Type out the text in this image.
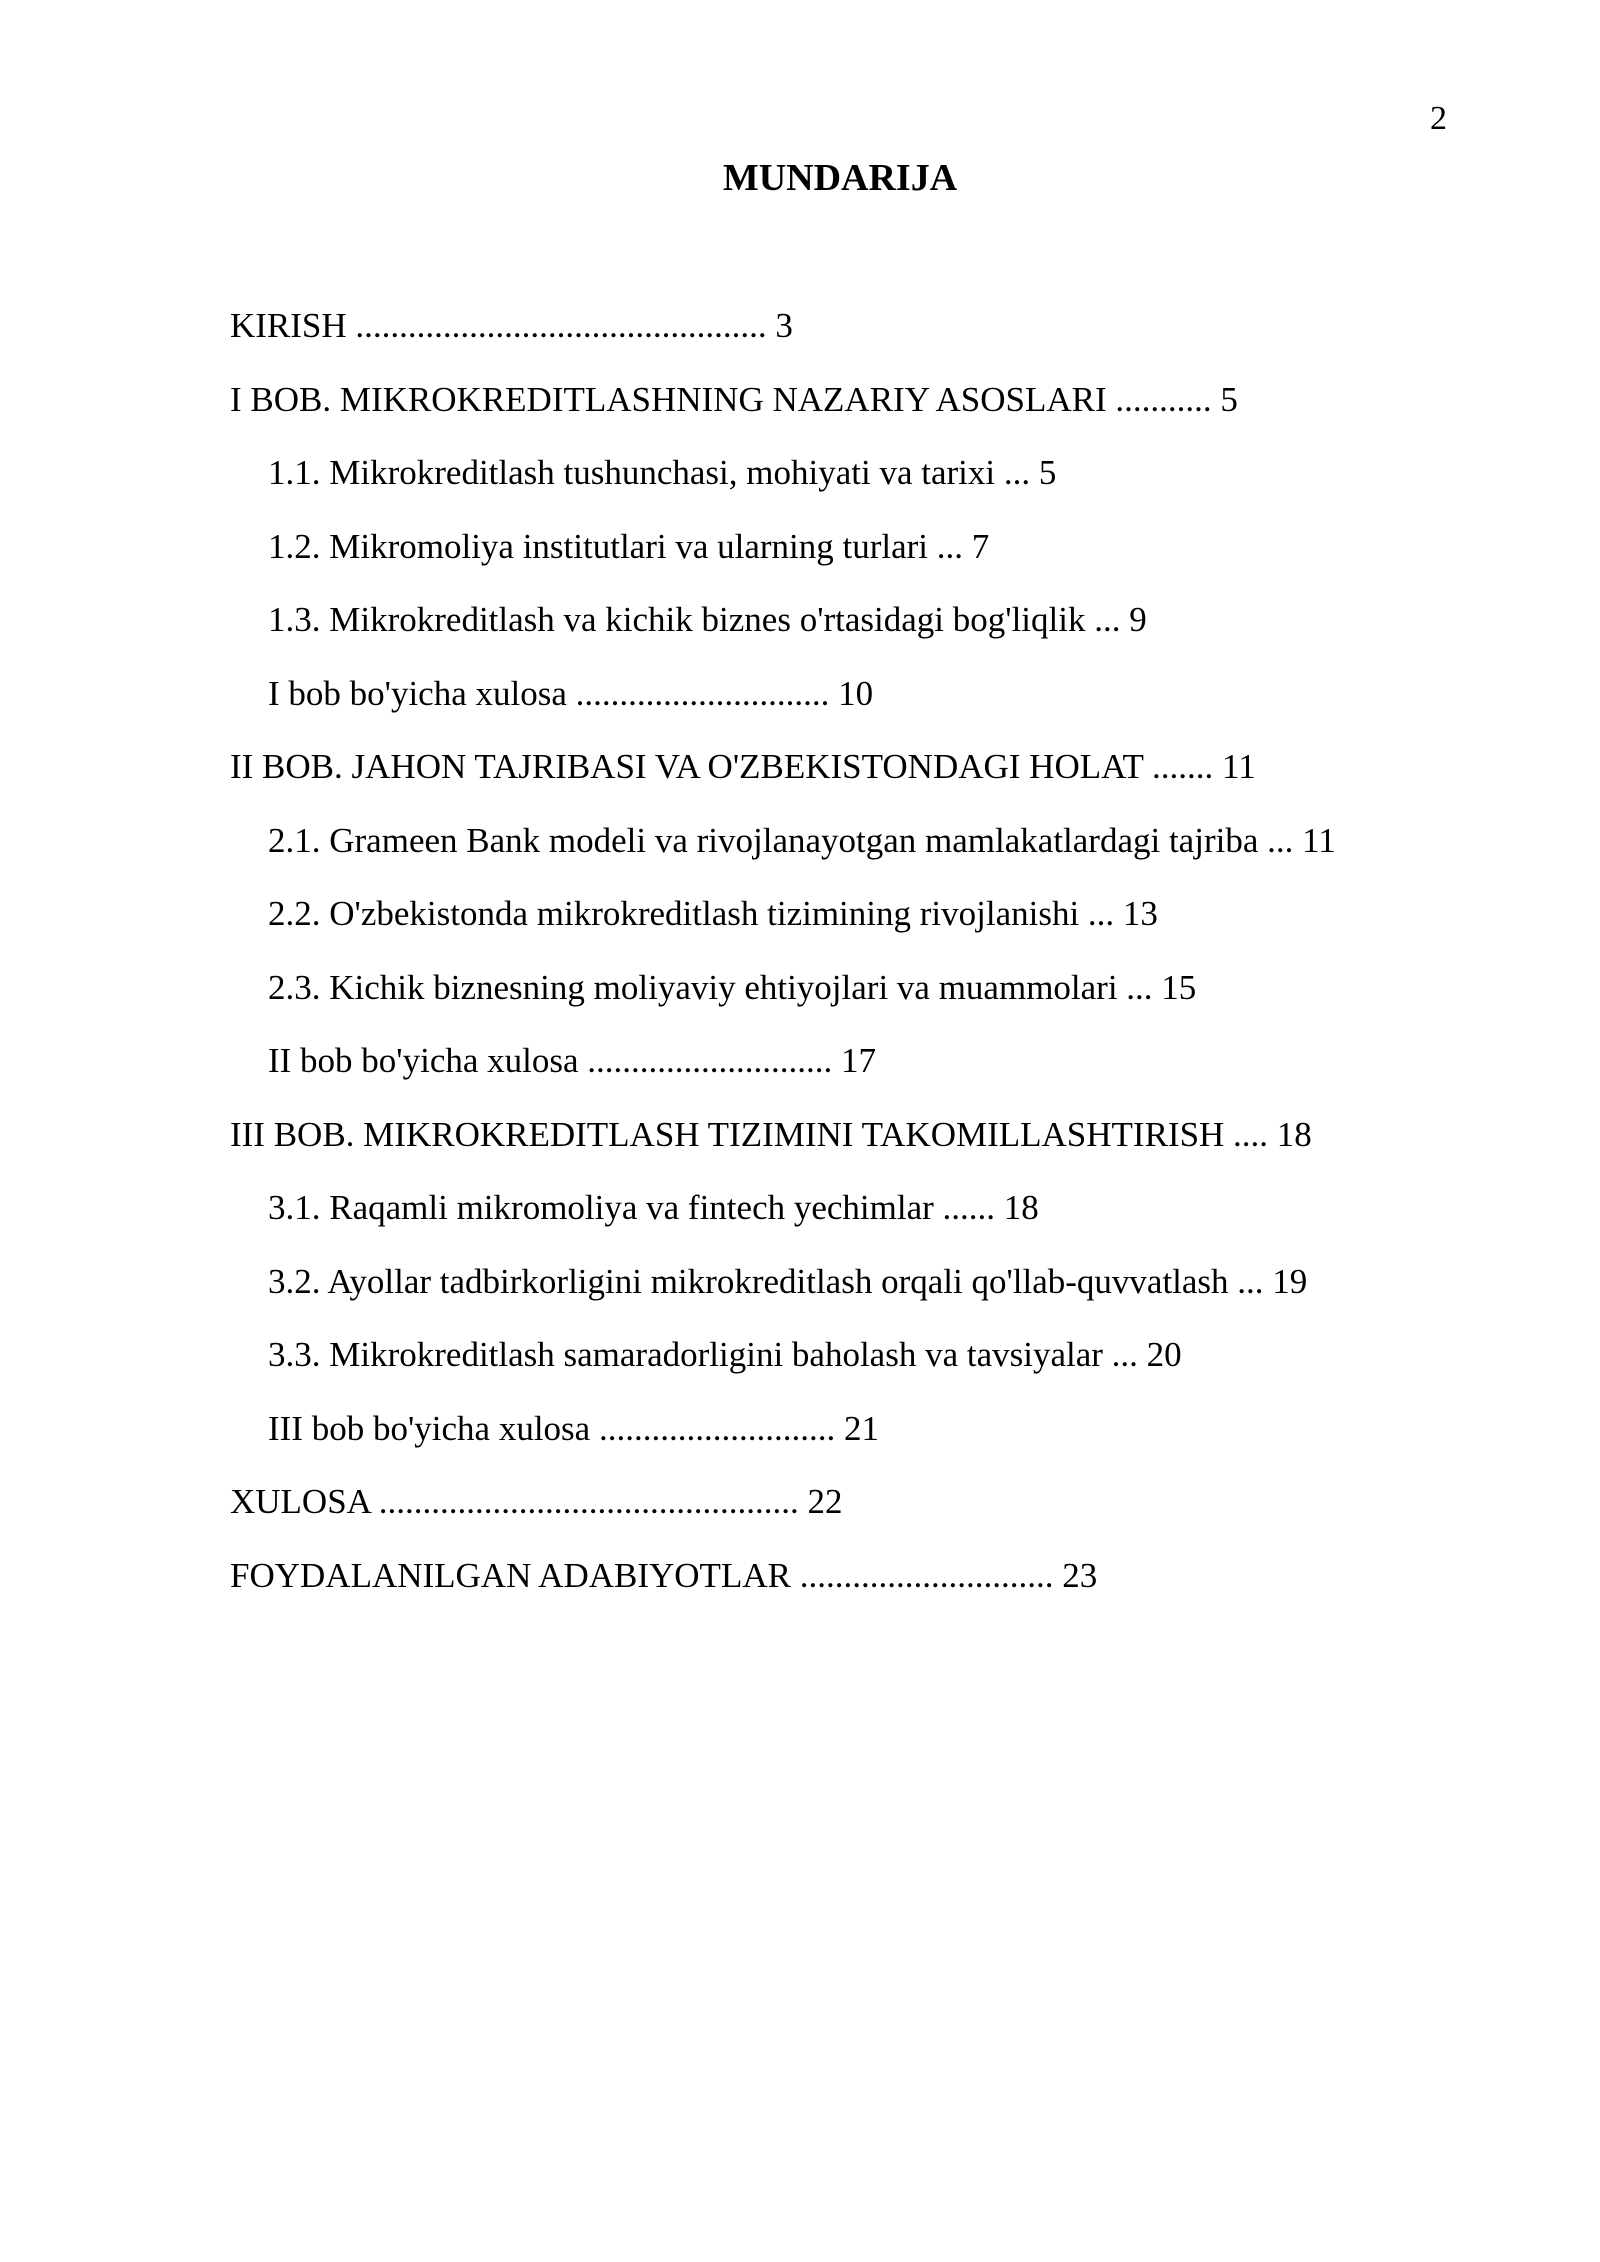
2
MUNDARIJA
KIRISH ............................................... 3
I BOB. MIKROKREDITLASHNING NAZARIY ASOSLARI ........... 5
1.1. Mikrokreditlash tushunchasi, mohiyati va tarixi ... 5
1.2. Mikromoliya institutlari va ularning turlari ... 7
1.3. Mikrokreditlash va kichik biznes o'rtasidagi bog'liqlik ... 9
I bob bo'yicha xulosa ............................. 10
II BOB. JAHON TAJRIBASI VA O'ZBEKISTONDAGI HOLAT ....... 11
2.1. Grameen Bank modeli va rivojlanayotgan mamlakatlardagi tajriba ... 11
2.2. O'zbekistonda mikrokreditlash tizimining rivojlanishi ... 13
2.3. Kichik biznesning moliyaviy ehtiyojlari va muammolari ... 15
II bob bo'yicha xulosa ............................ 17
III BOB. MIKROKREDITLASH TIZIMINI TAKOMILLASHTIRISH .... 18
3.1. Raqamli mikromoliya va fintech yechimlar ...... 18
3.2. Ayollar tadbirkorligini mikrokreditlash orqali qo'llab-quvvatlash ... 19
3.3. Mikrokreditlash samaradorligini baholash va tavsiyalar ... 20
III bob bo'yicha xulosa ........................... 21
XULOSA ................................................ 22
FOYDALANILGAN ADABIYOTLAR ............................. 23
